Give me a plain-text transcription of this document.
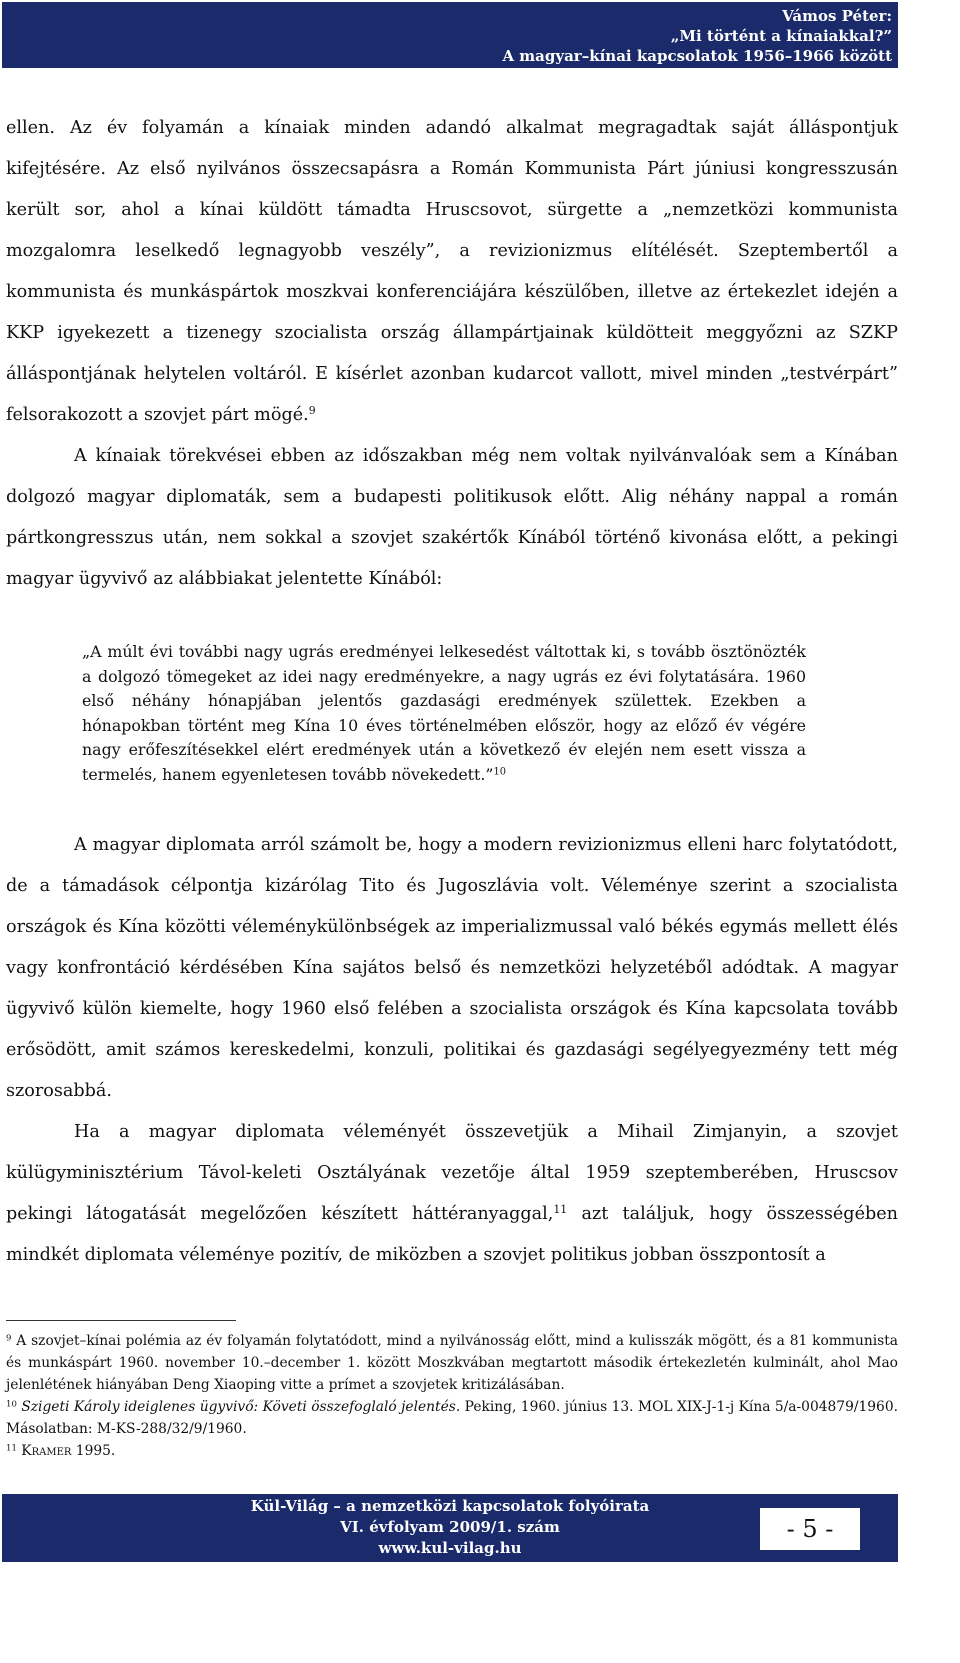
Vámos Péter:
„Mi történt a kínaiakkal?”
A magyar–kínai kapcsolatok 1956–1966 között

ellen. Az év folyamán a kínaiak minden adandó alkalmat megragadtak saját álláspontjuk kifejtésére. Az első nyilvános összecsapásra a Román Kommunista Párt júniusi kongresszusán került sor, ahol a kínai küldött támadta Hruscsovot, sürgette a „nemzetközi kommunista mozgalomra leselkedő legnagyobb veszély”, a revizionizmus elítélését. Szeptembertől a kommunista és munkáspártok moszkvai konferenciájára készülőben, illetve az értekezlet idején a KKP igyekezett a tizenegy szocialista ország állampártjainak küldötteit meggyőzni az SZKP álláspontjának helytelen voltáról. E kísérlet azonban kudarcot vallott, mivel minden „testvérpárt” felsorakozott a szovjet párt mögé.$^9$

A kínaiak törekvései ebben az időszakban még nem voltak nyilvánvalóak sem a Kínában dolgozó magyar diplomaták, sem a budapesti politikusok előtt. Alig néhány nappal a román pártkongresszus után, nem sokkal a szovjet szakértők Kínából történő kivonása előtt, a pekingi magyar ügyvivő az alábbiakat jelentette Kínából:

„A múlt évi további nagy ugrás eredményei lelkesedést váltottak ki, s tovább ösztönözték a dolgozó tömegeket az idei nagy eredményekre, a nagy ugrás ez évi folytatására. 1960 első néhány hónapjában jelentős gazdasági eredmények születtek. Ezekben a hónapokban történt meg Kína 10 éves történelmében először, hogy az előző év végére nagy erőfeszítésekkel elért eredmények után a következő év elején nem esett vissza a termelés, hanem egyenletesen tovább növekedett.”$^{10}$

A magyar diplomata arról számolt be, hogy a modern revizionizmus elleni harc folytatódott, de a támadások célpontja kizárólag Tito és Jugoszlávia volt. Véleménye szerint a szocialista országok és Kína közötti véleménykülönbségek az imperializmussal való békés egymás mellett élés vagy konfrontáció kérdésében Kína sajátos belső és nemzetközi helyzetéből adódtak. A magyar ügyvivő külön kiemelte, hogy 1960 első felében a szocialista országok és Kína kapcsolata tovább erősödött, amit számos kereskedelmi, konzuli, politikai és gazdasági segélyegyezmény tett még szorosabbá.

Ha a magyar diplomata véleményét összevetjük a Mihail Zimjanyin, a szovjet külügyminisztérium Távol-keleti Osztályának vezetője által 1959 szeptemberében, Hruscsov pekingi látogatását megelőzően készített háttéranyaggal,$^{11}$ azt találjuk, hogy összességében mindkét diplomata véleménye pozitív, de miközben a szovjet politikus jobban összpontosít a

$^9$ A szovjet–kínai polémia az év folyamán folytatódott, mind a nyilvánosság előtt, mind a kulisszák mögött, és a 81 kommunista és munkáspárt 1960. november 10.–december 1. között Moszkvában megtartott második értekezletén kulminált, ahol Mao jelenlétének hiányában Deng Xiaoping vitte a prímet a szovjetek kritizálásában.

$^{10}$ Szigeti Károly ideiglenes ügyvivő: Követi összefoglaló jelentés. Peking, 1960. június 13. MOL XIX-J-1-j Kína 5/a-004879/1960. Másolatban: M-KS-288/32/9/1960.

$^{11}$ Kramer 1995.

Kül-Világ – a nemzetközi kapcsolatok folyóirata
VI. évfolyam 2009/1. szám
www.kul-vilag.hu
- 5 -
